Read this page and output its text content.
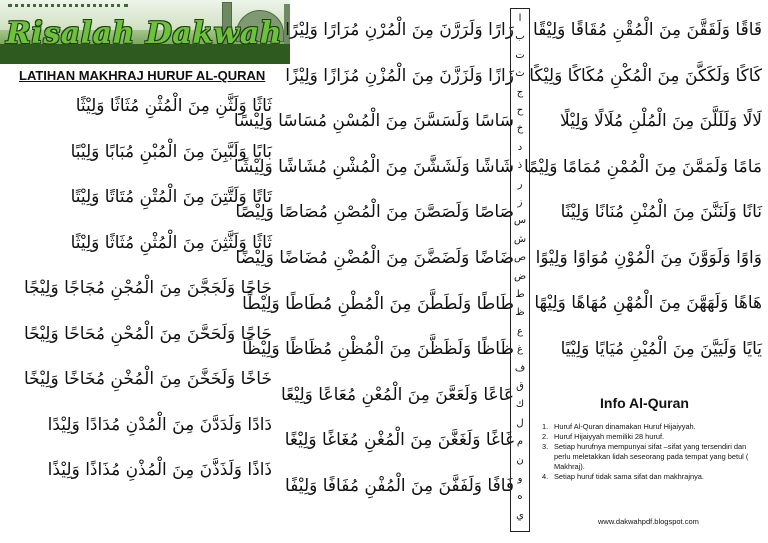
Risalah Dakwah
LATIHAN MAKHRAJ HURUF AL-QURAN
ثَاثًا وَلَثَّنِ مِنَ الْمُثْنِ مُثَاثًا وَلِيْثًا
بَابًا وَلَبَّبِنَ مِنَ الْمُبْنِ مُبَابًا وَلِيْبًا
تَاتًا وَلَتَّتِنَ مِنَ الْمُتْنِ مُتَاتًا وَلِيْتًا
ثَاثًا وَلَثَّثِنَ مِنَ الْمُثْنِ مُثَاثًا وَلِيْثًا
جَاجًا وَلَجَجَّنَ مِنَ الْمُجْنِ مُجَاجًا وَلِيْجًا
حَاحًا وَلَحَحَّنَ مِنَ الْمُحْنِ مُحَاحًا وَلِيْحًا
خَاخًا وَلَخَخَّنَ مِنَ الْمُخْنِ مُخَاخًا وَلِيْخًا
دَادًا وَلَدَدَّنَ مِنَ الْمُدْنِ مُدَادًا وَلِيْدًا
ذَاذًا وَلَذَذَّنَ مِنَ الْمُذْنِ مُذَاذًا وَلِيْذًا
رَارًا وَلَرَرَّنَ مِنَ الْمُرْنِ مُرَارًا وَلِيْرًا
زَازًا وَلَزَزَّنَ مِنَ الْمُزْنِ مُزَازًا وَلِيْزًا
سَاسًا وَلَسَسَّنَ مِنَ الْمُسْنِ مُسَاسًا وَلِيْسًا
شَاشًا وَلَشَشَّنَ مِنَ الْمُشْنِ مُشَاشًا وَلِيْشًا
صَاصًا وَلَصَصَّنَ مِنَ الْمُصْنِ مُصَاصًا وَلِيْصًا
ضَاضًا وَلَضَضَّنَ مِنَ الْمُضْنِ مُضَاضًا وَلِيْضًا
طَاطًا وَلَطَطَّنَ مِنَ الْمُطْنِ مُطَاطًا وَلِيْطًا
ظَاظًا وَلَظَظَّنَ مِنَ الْمُظْنِ مُظَاظًا وَلِيْظًا
عَاعًا وَلَعَعَّنَ مِنَ الْمُعْنِ مُعَاعًا وَلِيْعًا
غَاغًا وَلَغَغَّنَ مِنَ الْمُغْنِ مُغَاغًا وَلِيْغًا
فَافًا وَلَفَفَّنَ مِنَ الْمُفْنِ مُفَافًا وَلِيْفًا
ا
ب
ت
ث
ج
ح
خ
د
ذ
ر
ز
س
ش
ص
ض
ط
ظ
ع
غ
ف
ق
ك
ل
م
ن
و
ه
ي
قَاقًا وَلَقَقَّنَ مِنَ الْمُقْنِ مُقَاقًا وَلِيْقًا
كَاكًا وَلَكَكَّنَ مِنَ الْمُكْنِ مُكَاكًا وَلِيْكًا
لَالًا وَلَلَلَّنَ مِنَ الْمُلْنِ مُلَالًا وَلِيْلًا
مَامًا وَلَمَمَّنَ مِنَ الْمُمْنِ مُمَامًا وَلِيْمًا
نَانًا وَلَنَنَّنَ مِنَ الْمُنْنِ مُنَانًا وَلِيْنًا
وَاوًا وَلَوَوَّنَ مِنَ الْمُوْنِ مُوَاوًا وَلِيْوًا
هَاهًا وَلَهَهَّنَ مِنَ الْمُهْنِ مُهَاهًا وَلِيْهًا
يَايًا وَلَيَيَّنَ مِنَ الْمُيْنِ مُيَايًا وَلِيْيًا
Info Al-Quran
1. Huruf Al-Quran dinamakan Huruf Hijaiyyah.
2. Huruf Hijaiyyah memiliki 28 huruf.
3. Setiap hurufnya mempunyai sifat –sifat yang tersendiri dan perlu meletakkan lidah seseorang pada tempat yang betul ( Makhraj).
4. Setiap huruf tidak sama sifat dan makhrajnya.
www.dakwahpdf.blogspot.com
